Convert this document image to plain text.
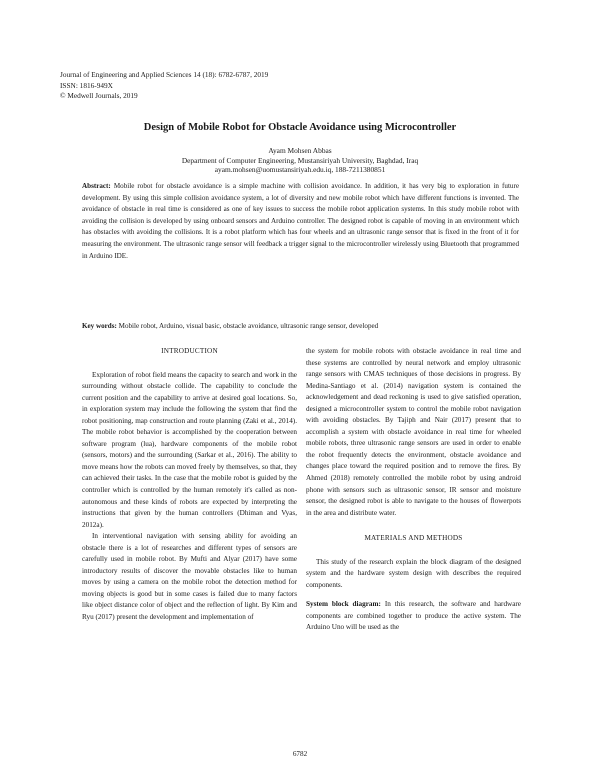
Journal of Engineering and Applied Sciences 14 (18): 6782-6787, 2019
ISSN: 1816-949X
© Medwell Journals, 2019
Design of Mobile Robot for Obstacle Avoidance using Microcontroller
Ayam Mohsen Abbas
Department of Computer Engineering, Mustansiriyah University, Baghdad, Iraq
ayam.mohsen@uomustansiriyah.edu.iq, 188-7211380851
Abstract: Mobile robot for obstacle avoidance is a simple machine with collision avoidance. In addition, it has very big to exploration in future development. By using this simple collision avoidance system, a lot of diversity and new mobile robot which have different functions is invented. The avoidance of obstacle in real time is considered as one of key issues to success the mobile robot application systems. In this study mobile robot with avoiding the collision is developed by using onboard sensors and Arduino controller. The designed robot is capable of moving in an environment which has obstacles with avoiding the collisions. It is a robot platform which has four wheels and an ultrasonic range sensor that is fixed in the front of it for measuring the environment. The ultrasonic range sensor will feedback a trigger signal to the microcontroller wirelessly using Bluetooth that programmed in Arduino IDE.
Key words: Mobile robot, Arduino, visual basic, obstacle avoidance, ultrasonic range sensor, developed
INTRODUCTION

Exploration of robot field means the capacity to search and work in the surrounding without obstacle collide. The capability to conclude the current position and the capability to arrive at desired goal locations. So, in exploration system may include the following the system that find the robot positioning, map construction and route planning (Zaki et al., 2014). The mobile robot behavior is accomplished by the cooperation between software program (lua), hardware components of the mobile robot (sensors, motors) and the surrounding (Sarkar et al., 2016). The ability to move means how the robots can moved freely by themselves, so that, they can achieved their tasks. In the case that the mobile robot is guided by the controller which is controlled by the human remotely it's called as non-autonomous and these kinds of robots are expected by interpreting the instructions that given by the human controllers (Dhiman and Vyas, 2012a).

In interventional navigation with sensing ability for avoiding an obstacle there is a lot of researches and different types of sensors are carefully used in mobile robot. By Mufti and Alyar (2017) have some introductory results of discover the movable obstacles like to human moves by using a camera on the mobile robot the detection method for moving objects is good but in some cases is failed due to many factors like object distance color of object and the reflection of light. By Kim and Ryu (2017) present the development and implementation of

the system for mobile robots with obstacle avoidance in real time and these systems are controlled by neural network and employ ultrasonic range sensors with CMAS techniques of those decisions in progress. By Medina-Santiago et al. (2014) navigation system is contained the acknowledgement and dead reckoning is used to give satisfied operation, designed a microcontroller system to control the mobile robot navigation with avoiding obstacles. By Tajiph and Nair (2017) present that to accomplish a system with obstacle avoidance in real time for wheeled mobile robots, three ultrasonic range sensors are used in order to enable the robot frequently detects the environment, obstacle avoidance and changes place toward the required position and to remove the fires. By Ahmed (2018) remotely controlled the mobile robot by using android phone with sensors such as ultrasonic sensor, IR sensor and moisture sensor, the designed robot is able to navigate to the houses of flowerpots in the area and distribute water.

MATERIALS AND METHODS

This study of the research explain the block diagram of the designed system and the hardware system design with describes the required components.

System block diagram: In this research, the software and hardware components are combined together to produce the active system. The Arduino Uno will be used as the

6782
